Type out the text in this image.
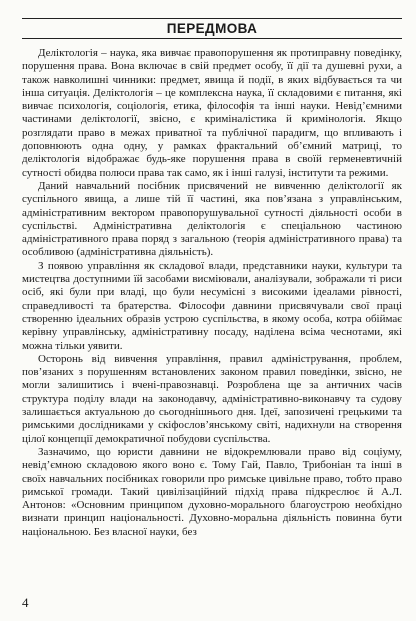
ПЕРЕДМОВА

Деліктологія – наука, яка вивчає правопорушення як протиправну поведінку, порушення права. Вона включає в свій предмет особу, її дії та душевні рухи, а також навколишні чинники: предмет, явища й події, в яких відбувається та чи інша ситуація. Деліктологія – це комплексна наука, її складовими є питання, які вивчає психологія, соціологія, етика, філософія та інші науки. Невід’ємними частинами деліктології, звісно, є криміналістика й кримінологія. Якщо розглядати право в межах приватної та публічної парадигм, що впливають і доповнюють одна одну, у рамках фрактальний обʼємний матриці, то деліктологія відображає будь-яке порушення права в своїй герменевтичній сутності обидва полюси права так само, як і інші галузі, інститути та режими.

Даний навчальний посібник присвячений не вивченню деліктології як суспільного явища, а лише тій її частині, яка пов’язана з управлінським, адміністративним вектором правопорушувальної сутності діяльності особи в суспільстві. Адміністративна деліктологія є спеціальною частиною адміністративного права поряд з загальною (теорія адміністративного права) та особливою (адміністративна діяльність).

З появою управління як складової влади, представники науки, культури та мистецтва доступними їй засобами висміювали, аналізували, зображали ті риси осіб, які були при владі, що були несумісні з високими ідеалами рівності, справедливості та братерства. Філософи давнини присвячували свої праці створенню ідеальних образів устрою суспільства, в якому особа, котра обіймає керівну управлінську, адміністративну посаду, наділена всіма чеснотами, які можна тільки уявити.

Осторонь від вивчення управління, правил адміністрування, проблем, пов’язаних з порушенням встановлених законом правил поведінки, звісно, не могли залишитись і вчені-правознавці. Розроблена ще за античних часів структура поділу влади на законодавчу, адміністративно-виконавчу та судову залишається актуальною до сьогоднішнього дня. Ідеї, запозичені грецькими та римськими дослідниками у скіфослов’янському світі, надихнули на створення цілої концепції демократичної побудови суспільства.

Зазначимо, що юристи давнини не відокремлювали право від соціуму, невід’ємною складовою якого воно є. Тому Гай, Павло, Трибоніан та інші в своїх навчальних посібниках говорили про римське цивільне право, тобто право римської громади. Такий цивілізаційний підхід права підкреслює й А.Л. Антонов: «Основним принципом духовно-морального благоустрою необхідно визнати принцип національності. Духовно-моральна діяльність повинна бути національною. Без власної науки, без

4
